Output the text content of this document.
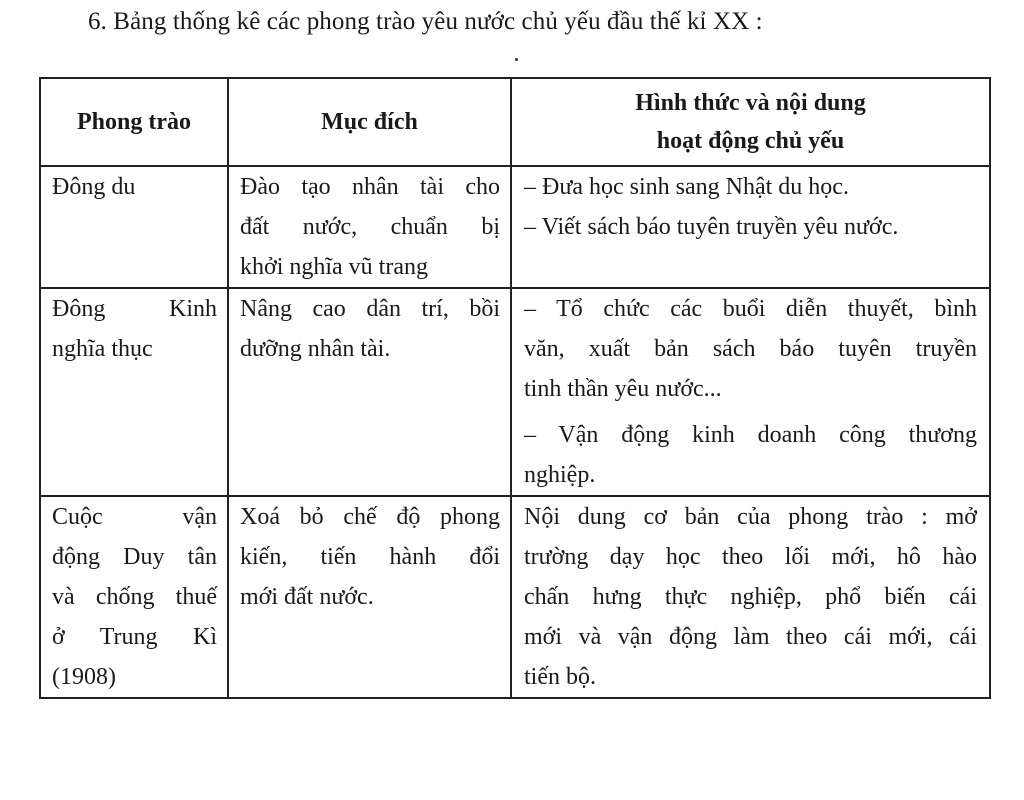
6. Bảng thống kê các phong trào yêu nước chủ yếu đầu thế kỉ XX :
Phong trào	Mục đích	Hình thức và nội dung
hoạt động chủ yếu

Đông du	Đào tạo nhân tài cho
đất nước, chuẩn bị
khởi nghĩa vũ trang	– Đưa học sinh sang Nhật du học.
– Viết sách báo tuyên truyền yêu nước.

Đông Kinh
nghĩa thục	Nâng cao dân trí, bồi
dưỡng nhân tài.	– Tổ chức các buổi diễn thuyết, bình
văn, xuất bản sách báo tuyên truyền
tinh thần yêu nước...
– Vận động kinh doanh công thương
nghiệp.

Cuộc vận
động Duy tân
và chống thuế
ở Trung Kì
(1908)	Xoá bỏ chế độ phong
kiến, tiến hành đổi
mới đất nước.	Nội dung cơ bản của phong trào : mở
trường dạy học theo lối mới, hô hào
chấn hưng thực nghiệp, phổ biến cái
mới và vận động làm theo cái mới, cái
tiến bộ.
